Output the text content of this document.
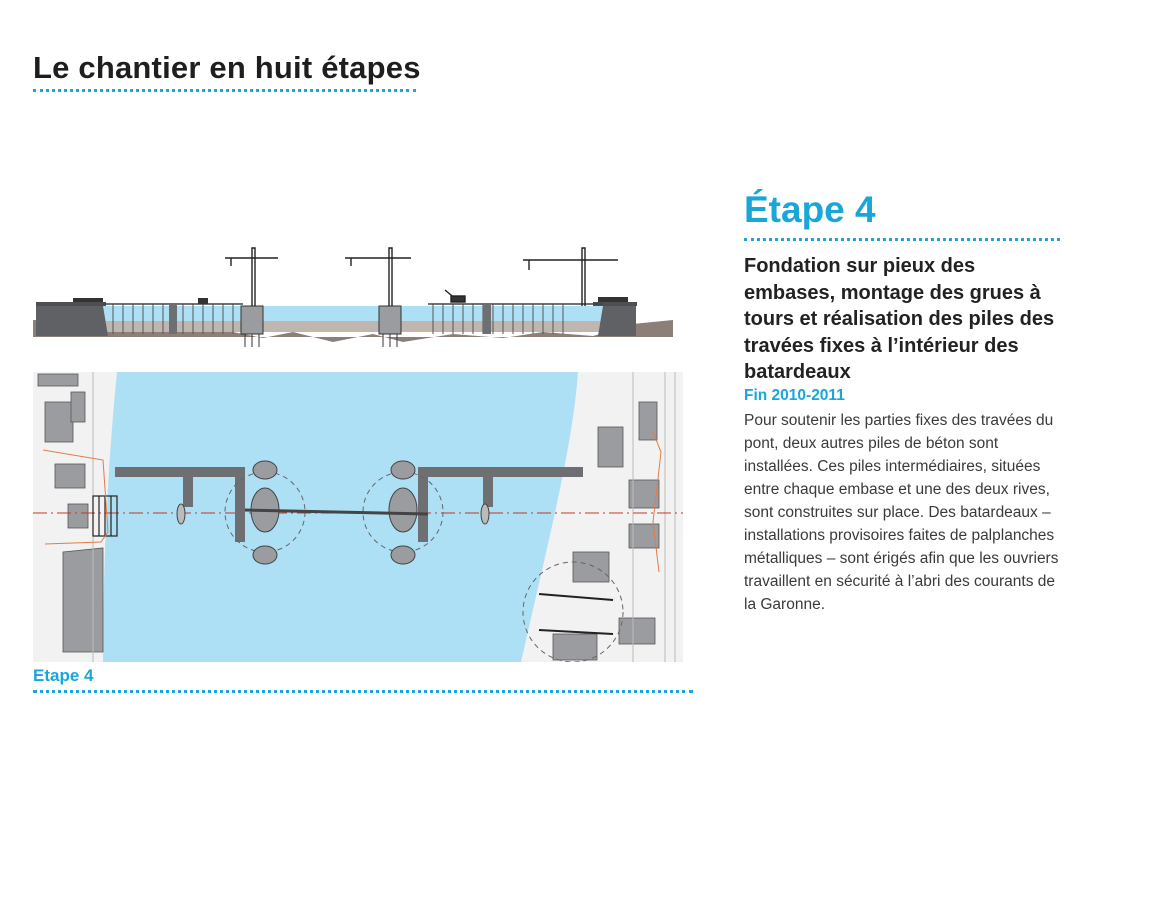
Le chantier en huit étapes
Etape 4
Étape 4
Fondation sur pieux des embases, montage des grues à tours et réalisation des piles des travées fixes à l’intérieur des batardeaux
Fin 2010-2011
Pour soutenir les parties fixes des travées du pont, deux autres piles de béton sont installées. Ces piles intermédiaires, situées entre chaque embase et une des deux rives, sont construites sur place. Des batardeaux – installations provisoires faites de palplanches métalliques – sont érigés afin que les ouvriers travaillent en sécurité à l’abri des courants de la Garonne.
